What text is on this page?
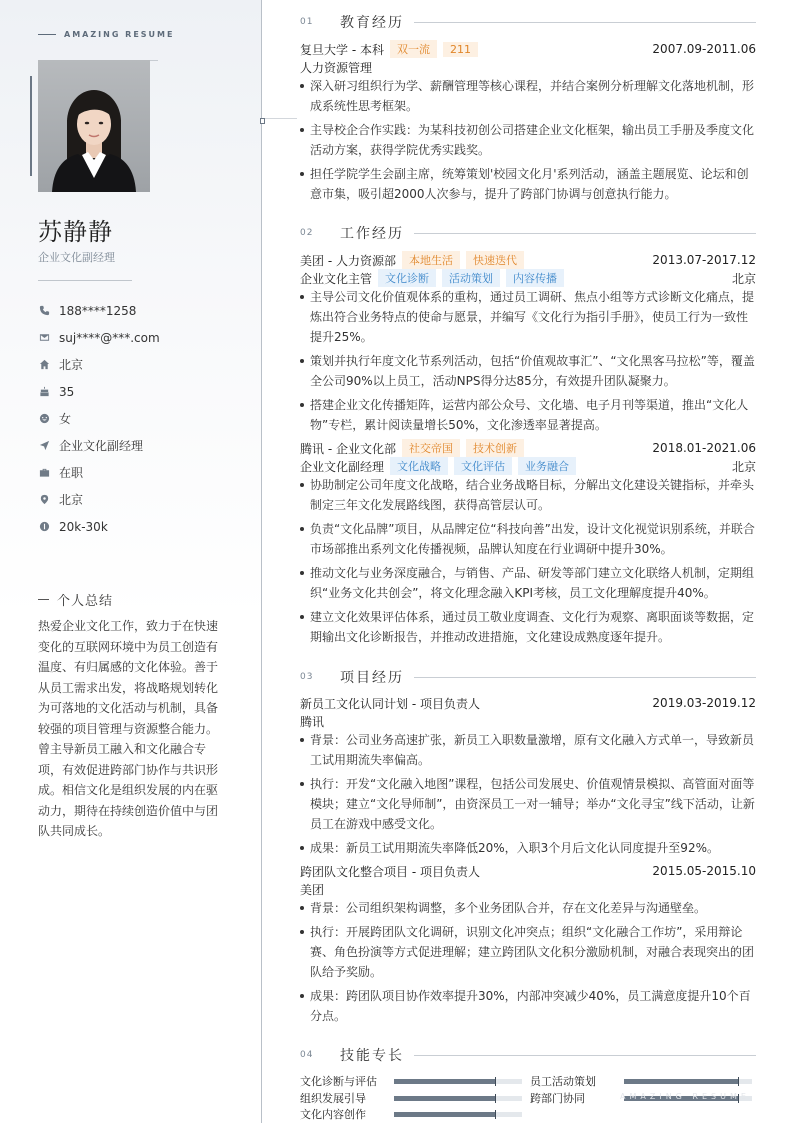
AMAZING RESUME
苏静静
企业文化副经理
188****1258
suj****@***.com
北京
35
女
企业文化副经理
在职
北京
20k-30k
个人总结
热爱企业文化工作，致力于在快速变化的互联网环境中为员工创造有温度、有归属感的文化体验。善于从员工需求出发，将战略规划转化为可落地的文化活动与机制，具备较强的项目管理与资源整合能力。曾主导新员工融入和文化融合专项，有效促进跨部门协作与共识形成。相信文化是组织发展的内在驱动力，期待在持续创造价值中与团队共同成长。
01	教育经历
复旦大学 - 本科	双一流	211	2007.09-2011.06
人力资源管理
深入研习组织行为学、薪酬管理等核心课程，并结合案例分析理解文化落地机制，形成系统性思考框架。
主导校企合作实践：为某科技初创公司搭建企业文化框架，输出员工手册及季度文化活动方案，获得学院优秀实践奖。
担任学院学生会副主席，统筹策划'校园文化月'系列活动，涵盖主题展览、论坛和创意市集，吸引超2000人次参与，提升了跨部门协调与创意执行能力。
02	工作经历
美团 - 人力资源部	本地生活	快速迭代	2013.07-2017.12
企业文化主管	文化诊断	活动策划	内容传播	北京
主导公司文化价值观体系的重构，通过员工调研、焦点小组等方式诊断文化痛点，提炼出符合业务特点的使命与愿景，并编写《文化行为指引手册》，使员工行为一致性提升25%。
策划并执行年度文化节系列活动，包括“价值观故事汇”、“文化黑客马拉松”等，覆盖全公司90%以上员工，活动NPS得分达85分，有效提升团队凝聚力。
搭建企业文化传播矩阵，运营内部公众号、文化墙、电子月刊等渠道，推出“文化人物”专栏，累计阅读量增长50%，文化渗透率显著提高。
腾讯 - 企业文化部	社交帝国	技术创新	2018.01-2021.06
企业文化副经理	文化战略	文化评估	业务融合	北京
协助制定公司年度文化战略，结合业务战略目标，分解出文化建设关键指标，并牵头制定三年文化发展路线图，获得高管层认可。
负责“文化品牌”项目，从品牌定位“科技向善”出发，设计文化视觉识别系统，并联合市场部推出系列文化传播视频，品牌认知度在行业调研中提升30%。
推动文化与业务深度融合，与销售、产品、研发等部门建立文化联络人机制，定期组织“业务文化共创会”，将文化理念融入KPI考核，员工文化理解度提升40%。
建立文化效果评估体系，通过员工敬业度调查、文化行为观察、离职面谈等数据，定期输出文化诊断报告，并推动改进措施，文化建设成熟度逐年提升。
03	项目经历
新员工文化认同计划 - 项目负责人	2019.03-2019.12
腾讯
背景：公司业务高速扩张，新员工入职数量激增，原有文化融入方式单一，导致新员工试用期流失率偏高。
执行：开发“文化融入地图”课程，包括公司发展史、价值观情景模拟、高管面对面等模块；建立“文化导师制”，由资深员工一对一辅导；举办“文化寻宝”线下活动，让新员工在游戏中感受文化。
成果：新员工试用期流失率降低20%，入职3个月后文化认同度提升至92%。
跨团队文化整合项目 - 项目负责人	2015.05-2015.10
美团
背景：公司组织架构调整，多个业务团队合并，存在文化差异与沟通壁垒。
执行：开展跨团队文化调研，识别文化冲突点；组织“文化融合工作坊”，采用辩论赛、角色扮演等方式促进理解；建立跨团队文化积分激励机制，对融合表现突出的团队给予奖励。
成果：跨团队项目协作效率提升30%，内部冲突减少40%，员工满意度提升10个百分点。
04	技能专长
文化诊断与评估	员工活动策划
组织发展引导	跨部门协同
文化内容创作
AMAZING RESUME
